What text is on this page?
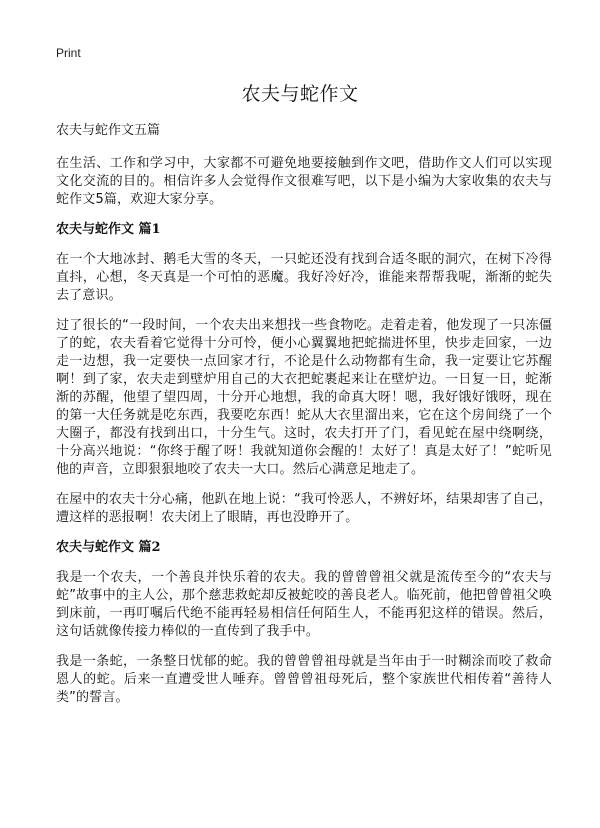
Print
农夫与蛇作文

农夫与蛇作文五篇

在生活、工作和学习中，大家都不可避免地要接触到作文吧，借助作文人们可以实现文化交流的目的。相信许多人会觉得作文很难写吧，以下是小编为大家收集的农夫与蛇作文5篇，欢迎大家分享。

农夫与蛇作文 篇1

在一个大地冰封、鹅毛大雪的冬天，一只蛇还没有找到合适冬眠的洞穴，在树下冷得直抖，心想，冬天真是一个可怕的恶魔。我好冷好冷，谁能来帮帮我呢，渐渐的蛇失去了意识。

过了很长的“一段时间，一个农夫出来想找一些食物吃。走着走着，他发现了一只冻僵了的蛇，农夫看着它觉得十分可怜，便小心翼翼地把蛇揣进怀里，快步走回家，一边走一边想，我一定要快一点回家才行，不论是什么动物都有生命，我一定要让它苏醒啊！到了家，农夫走到壁炉用自己的大衣把蛇裹起来让在壁炉边。一日复一日，蛇渐渐的苏醒，他望了望四周，十分开心地想，我的命真大呀！嗯，我好饿好饿呀，现在的第一大任务就是吃东西，我要吃东西！蛇从大衣里溜出来，它在这个房间绕了一个大圈子，都没有找到出口，十分生气。这时，农夫打开了门，看见蛇在屋中绕啊绕，十分高兴地说：“你终于醒了呀！我就知道你会醒的！太好了！真是太好了！”蛇听见他的声音，立即狠狠地咬了农夫一大口。然后心满意足地走了。

在屋中的农夫十分心痛，他趴在地上说：“我可怜恶人，不辨好坏，结果却害了自己，遭这样的恶报啊！农夫闭上了眼睛，再也没睁开了。

农夫与蛇作文 篇2

我是一个农夫，一个善良并快乐着的农夫。我的曾曾曾祖父就是流传至今的“农夫与蛇”故事中的主人公，那个慈悲救蛇却反被蛇咬的善良老人。临死前，他把曾曾祖父唤到床前，一再叮嘱后代绝不能再轻易相信任何陌生人，不能再犯这样的错误。然后，这句话就像传接力棒似的一直传到了我手中。

我是一条蛇，一条整日忧郁的蛇。我的曾曾曾祖母就是当年由于一时糊涂而咬了救命恩人的蛇。后来一直遭受世人唾弃。曾曾曾祖母死后，整个家族世代相传着“善待人类”的誓言。
